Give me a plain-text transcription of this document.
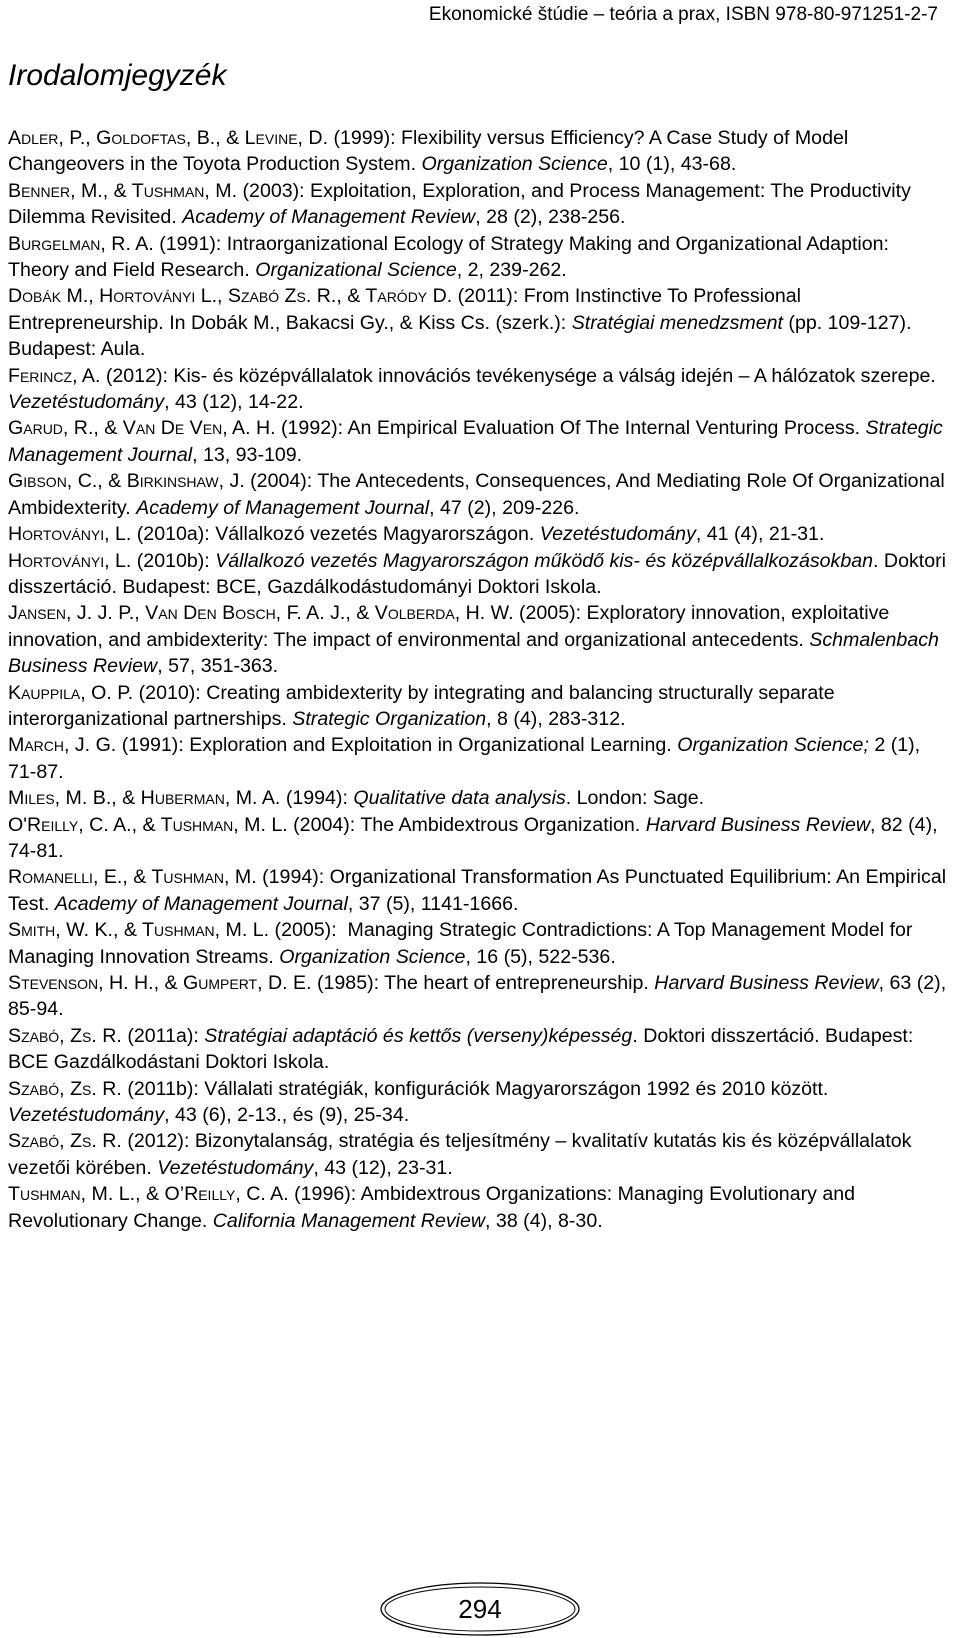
Ekonomické štúdie – teória a prax, ISBN 978-80-971251-2-7
Irodalomjegyzék
Adler, P., Goldoftas, B., & Levine, D. (1999): Flexibility versus Efficiency? A Case Study of Model Changeovers in the Toyota Production System. Organization Science, 10 (1), 43-68.
Benner, M., & Tushman, M. (2003): Exploitation, Exploration, and Process Management: The Productivity Dilemma Revisited. Academy of Management Review, 28 (2), 238-256.
Burgelman, R. A. (1991): Intraorganizational Ecology of Strategy Making and Organizational Adaption: Theory and Field Research. Organizational Science, 2, 239-262.
Dobák M., Hortoványi L., Szabó Zs. R., & Taródy D. (2011): From Instinctive To Professional Entrepreneurship. In Dobák M., Bakacsi Gy., & Kiss Cs. (szerk.): Stratégiai menedzsment (pp. 109-127). Budapest: Aula.
Ferincz, A. (2012): Kis- és középvállalatok innovációs tevékenysége a válság idején – A hálózatok szerepe. Vezetéstudomány, 43 (12), 14-22.
Garud, R., & Van De Ven, A. H. (1992): An Empirical Evaluation Of The Internal Venturing Process. Strategic Management Journal, 13, 93-109.
Gibson, C., & Birkinshaw, J. (2004): The Antecedents, Consequences, And Mediating Role Of Organizational Ambidexterity. Academy of Management Journal, 47 (2), 209-226.
Hortoványi, L. (2010a): Vállalkozó vezetés Magyarországon. Vezetéstudomány, 41 (4), 21-31.
Hortoványi, L. (2010b): Vállalkozó vezetés Magyarországon működő kis- és középvállalkozásokban. Doktori disszertáció. Budapest: BCE, Gazdálkodástudományi Doktori Iskola.
Jansen, J. J. P., Van Den Bosch, F. A. J., & Volberda, H. W. (2005): Exploratory innovation, exploitative innovation, and ambidexterity: The impact of environmental and organizational antecedents. Schmalenbach Business Review, 57, 351-363.
Kauppila, O. P. (2010): Creating ambidexterity by integrating and balancing structurally separate interorganizational partnerships. Strategic Organization, 8 (4), 283-312.
March, J. G. (1991): Exploration and Exploitation in Organizational Learning. Organization Science; 2 (1), 71-87.
Miles, M. B., & Huberman, M. A. (1994): Qualitative data analysis. London: Sage.
O'Reilly, C. A., & Tushman, M. L. (2004): The Ambidextrous Organization. Harvard Business Review, 82 (4), 74-81.
Romanelli, E., & Tushman, M. (1994): Organizational Transformation As Punctuated Equilibrium: An Empirical Test. Academy of Management Journal, 37 (5), 1141-1666.
Smith, W. K., & Tushman, M. L. (2005):  Managing Strategic Contradictions: A Top Management Model for Managing Innovation Streams. Organization Science, 16 (5), 522-536.
Stevenson, H. H., & Gumpert, D. E. (1985): The heart of entrepreneurship. Harvard Business Review, 63 (2), 85-94.
Szabó, Zs. R. (2011a): Stratégiai adaptáció és kettős (verseny)képesség. Doktori disszertáció. Budapest: BCE Gazdálkodástani Doktori Iskola.
Szabó, Zs. R. (2011b): Vállalati stratégiák, konfigurációk Magyarországon 1992 és 2010 között. Vezetéstudomány, 43 (6), 2-13., és (9), 25-34.
Szabó, Zs. R. (2012): Bizonytalanság, stratégia és teljesítmény – kvalitatív kutatás kis és középvállalatok vezetői körében. Vezetéstudomány, 43 (12), 23-31.
Tushman, M. L., & O’Reilly, C. A. (1996): Ambidextrous Organizations: Managing Evolutionary and Revolutionary Change. California Management Review, 38 (4), 8-30.
294
